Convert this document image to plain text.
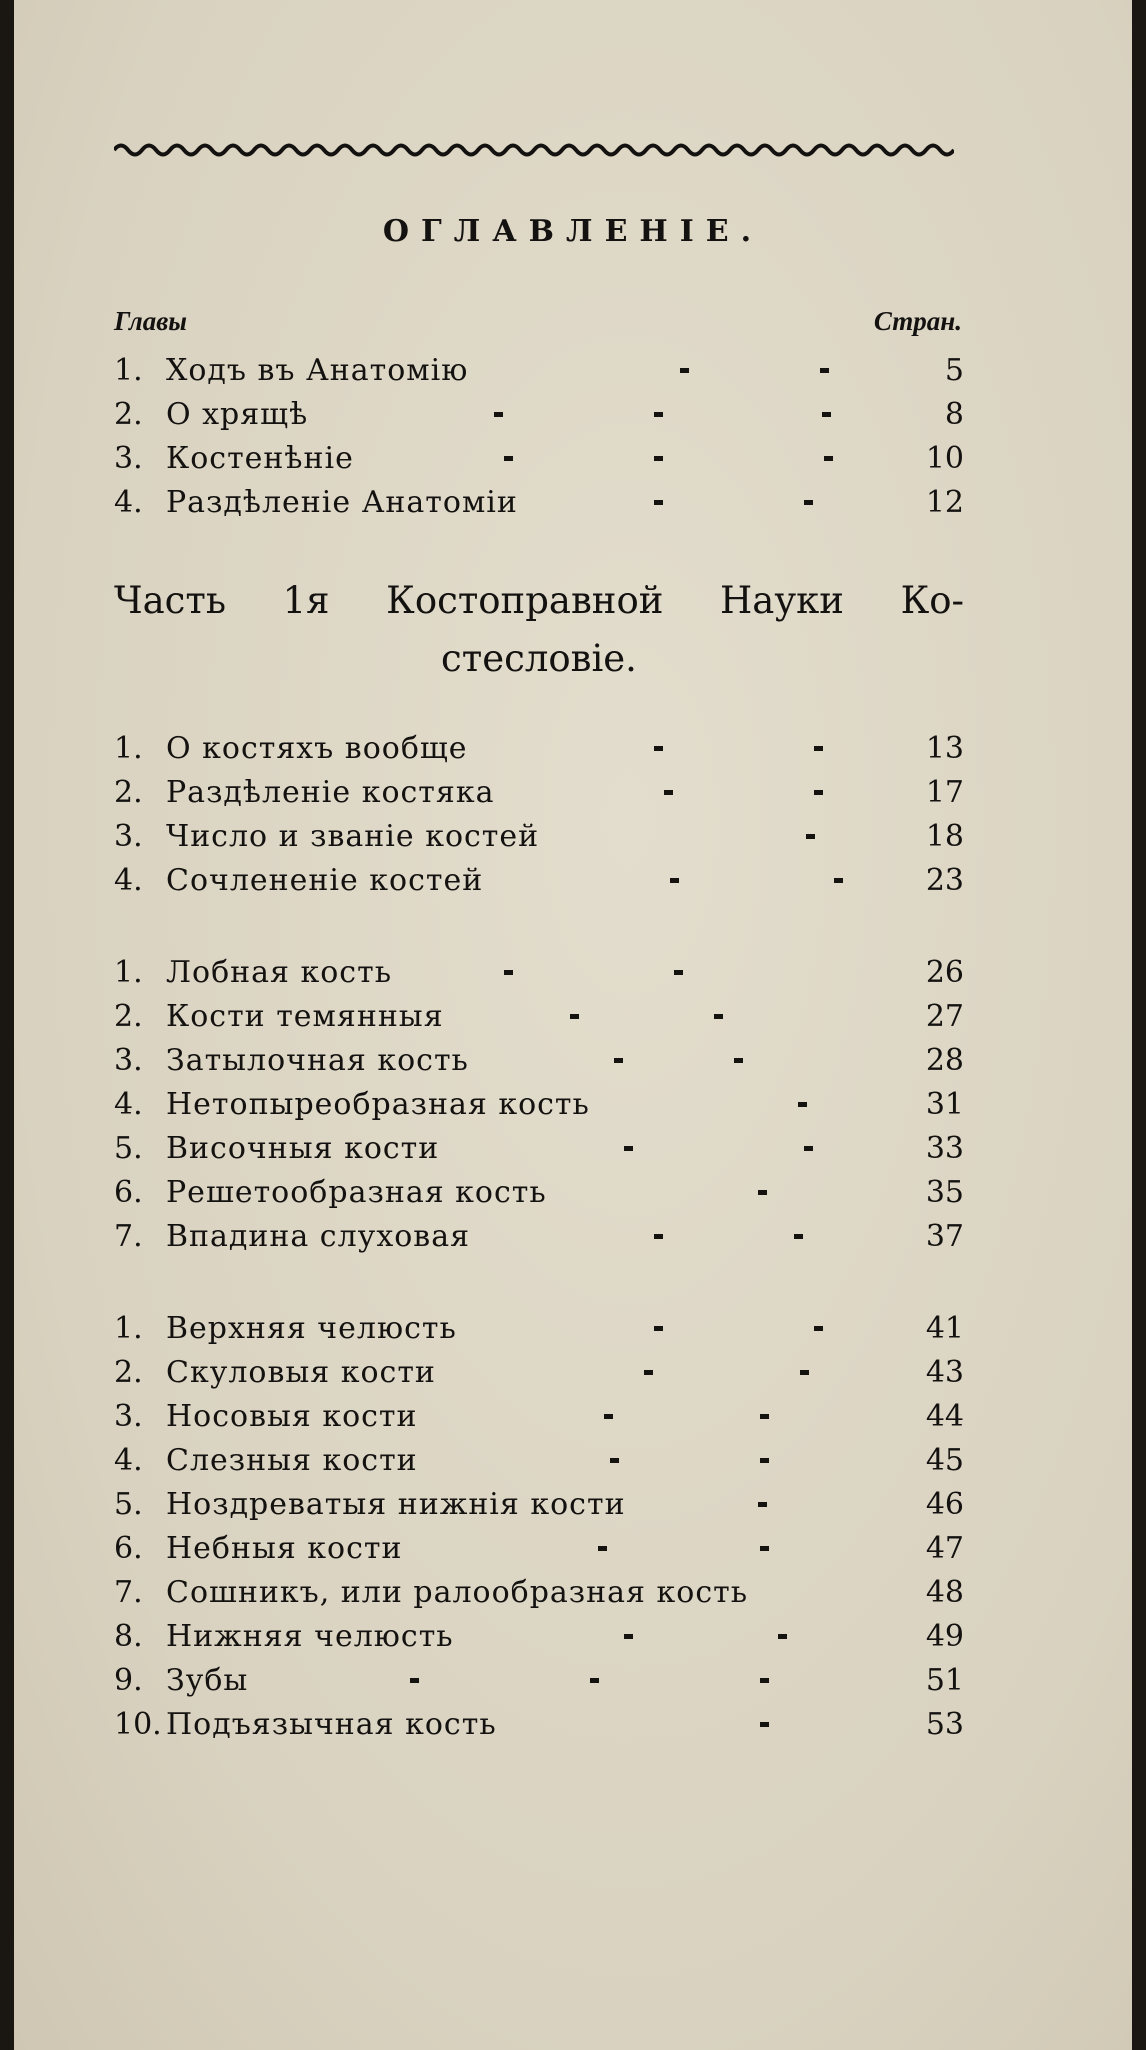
ОГЛАВЛЕНІЕ.
Главы	Стран.
1. Ходъ въ Анатомію	5
2. О хрящѣ	8
3. Костенѣніе	10
4. Раздѣленіе Анатоміи	12
Часть 1я Костоправной Науки Ко-
стесловіе.
1. О костяхъ вообще	13
2. Раздѣленіе костяка	17
3. Число и званіе костей	18
4. Сочлененіе костей	23
1. Лобная кость	26
2. Кости темянныя	27
3. Затылочная кость	28
4. Нетопыреобразная кость	31
5. Височныя кости	33
6. Решетообразная кость	35
7. Впадина слуховая	37
1. Верхняя челюсть	41
2. Скуловыя кости	43
3. Носовыя кости	44
4. Слезныя кости	45
5. Ноздреватыя нижнія кости	46
6. Небныя кости	47
7. Сошникъ, или ралообразная кость	48
8. Нижняя челюсть	49
9. Зубы	51
10. Подъязычная кость	53
